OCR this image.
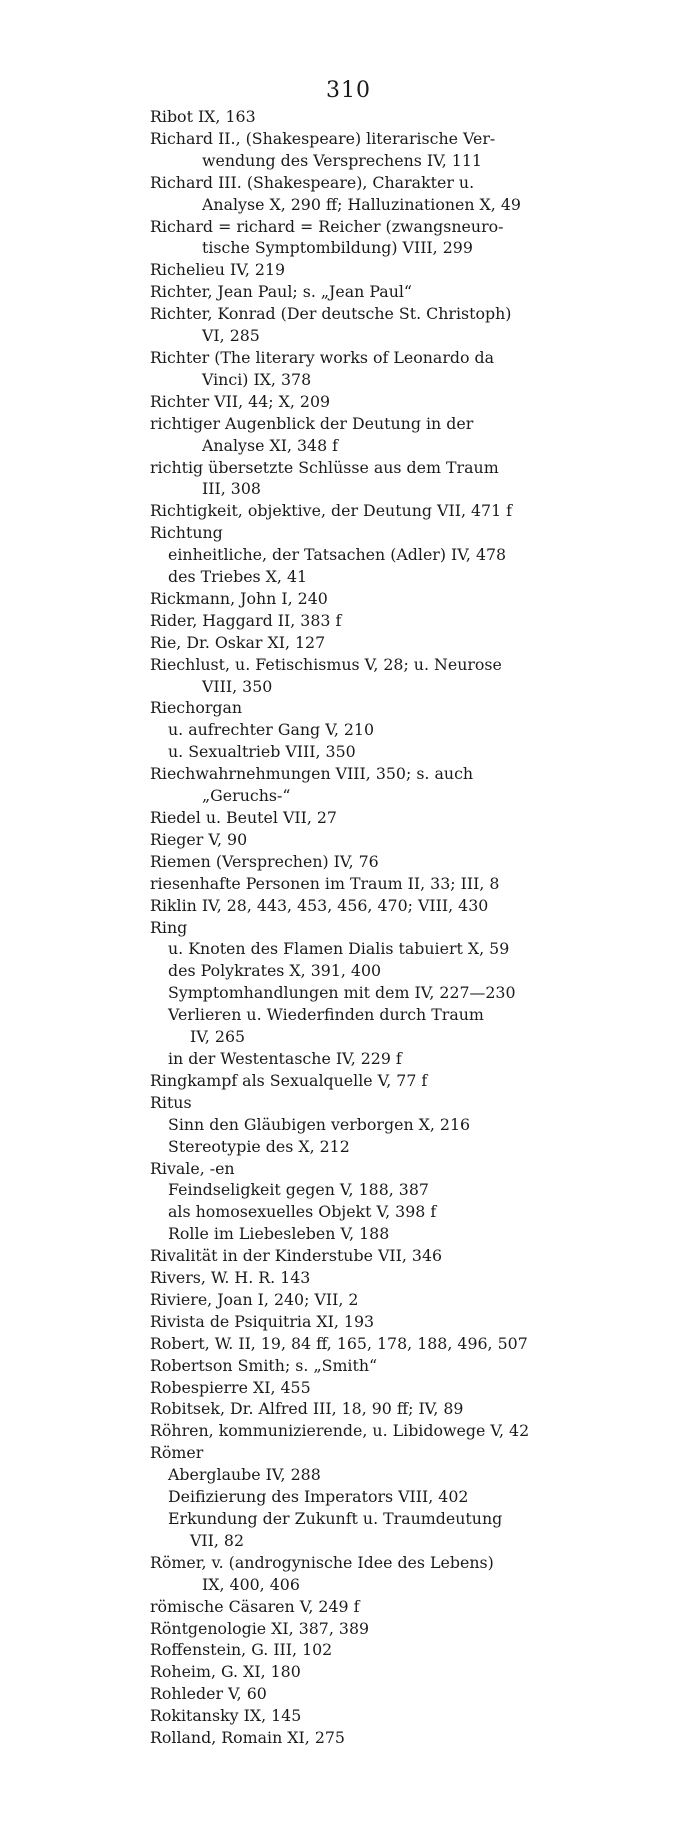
310
Ribot IX, 163
Richard II., (Shakespeare) literarische Ver-
wendung des Versprechens IV, 111
Richard III. (Shakespeare), Charakter u.
Analyse X, 290 ff; Halluzinationen X, 49
Richard = richard = Reicher (zwangsneuro-
tische Symptombildung) VIII, 299
Richelieu IV, 219
Richter, Jean Paul; s. „Jean Paul“
Richter, Konrad (Der deutsche St. Christoph)
VI, 285
Richter (The literary works of Leonardo da
Vinci) IX, 378
Richter VII, 44; X, 209
richtiger Augenblick der Deutung in der
Analyse XI, 348 f
richtig übersetzte Schlüsse aus dem Traum
III, 308
Richtigkeit, objektive, der Deutung VII, 471 f
Richtung
einheitliche, der Tatsachen (Adler) IV, 478
des Triebes X, 41
Rickmann, John I, 240
Rider, Haggard II, 383 f
Rie, Dr. Oskar XI, 127
Riechlust, u. Fetischismus V, 28; u. Neurose
VIII, 350
Riechorgan
u. aufrechter Gang V, 210
u. Sexualtrieb VIII, 350
Riechwahrnehmungen VIII, 350; s. auch
„Geruchs-“
Riedel u. Beutel VII, 27
Rieger V, 90
Riemen (Versprechen) IV, 76
riesenhafte Personen im Traum II, 33; III, 8
Riklin IV, 28, 443, 453, 456, 470; VIII, 430
Ring
u. Knoten des Flamen Dialis tabuiert X, 59
des Polykrates X, 391, 400
Symptomhandlungen mit dem IV, 227—230
Verlieren u. Wiederfinden durch Traum
IV, 265
in der Westentasche IV, 229 f
Ringkampf als Sexualquelle V, 77 f
Ritus
Sinn den Gläubigen verborgen X, 216
Stereotypie des X, 212
Rivale, -en
Feindseligkeit gegen V, 188, 387
als homosexuelles Objekt V, 398 f
Rolle im Liebesleben V, 188
Rivalität in der Kinderstube VII, 346
Rivers, W. H. R. 143
Riviere, Joan I, 240; VII, 2
Rivista de Psiquitria XI, 193
Robert, W. II, 19, 84 ff, 165, 178, 188, 496, 507
Robertson Smith; s. „Smith“
Robespierre XI, 455
Robitsek, Dr. Alfred III, 18, 90 ff; IV, 89
Röhren, kommunizierende, u. Libidowege V, 42
Römer
Aberglaube IV, 288
Deifizierung des Imperators VIII, 402
Erkundung der Zukunft u. Traumdeutung
VII, 82
Römer, v. (androgynische Idee des Lebens)
IX, 400, 406
römische Cäsaren V, 249 f
Röntgenologie XI, 387, 389
Roffenstein, G. III, 102
Roheim, G. XI, 180
Rohleder V, 60
Rokitansky IX, 145
Rolland, Romain XI, 275
